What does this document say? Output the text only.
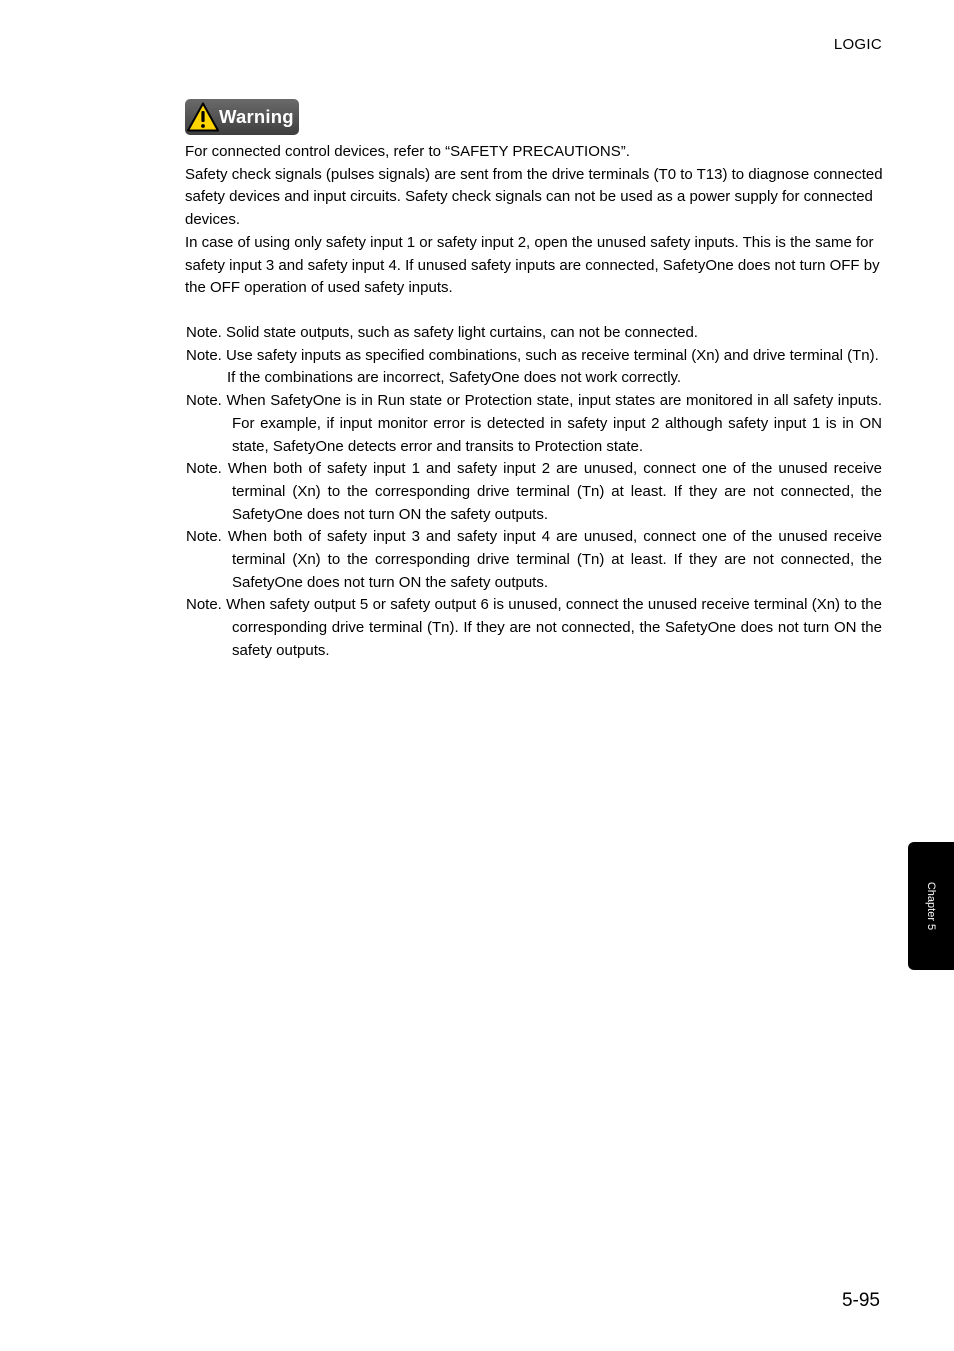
LOGIC
Warning

For connected control devices, refer to “SAFETY PRECAUTIONS”.

Safety check signals (pulses signals) are sent from the drive terminals (T0 to T13) to diagnose connected safety devices and input circuits. Safety check signals can not be used as a power supply for connected devices.

In case of using only safety input 1 or safety input 2, open the unused safety inputs. This is the same for safety input 3 and safety input 4. If unused safety inputs are connected, SafetyOne does not turn OFF by the OFF operation of used safety inputs.

Note. Solid state outputs, such as safety light curtains, can not be connected.

Note. Use safety inputs as specified combinations, such as receive terminal (Xn) and drive terminal (Tn). If the combinations are incorrect, SafetyOne does not work correctly.

Note. When SafetyOne is in Run state or Protection state, input states are monitored in all safety inputs. For example, if input monitor error is detected in safety input 2 although safety input 1 is in ON state, SafetyOne detects error and transits to Protection state.

Note. When both of safety input 1 and safety input 2 are unused, connect one of the unused receive terminal (Xn) to the corresponding drive terminal (Tn) at least. If they are not connected, the SafetyOne does not turn ON the safety outputs.

Note. When both of safety input 3 and safety input 4 are unused, connect one of the unused receive terminal (Xn) to the corresponding drive terminal (Tn) at least. If they are not connected, the SafetyOne does not turn ON the safety outputs.

Note. When safety output 5 or safety output 6 is unused, connect the unused receive terminal (Xn) to the corresponding drive terminal (Tn). If they are not connected, the SafetyOne does not turn ON the safety outputs.

Chapter 5
5-95
